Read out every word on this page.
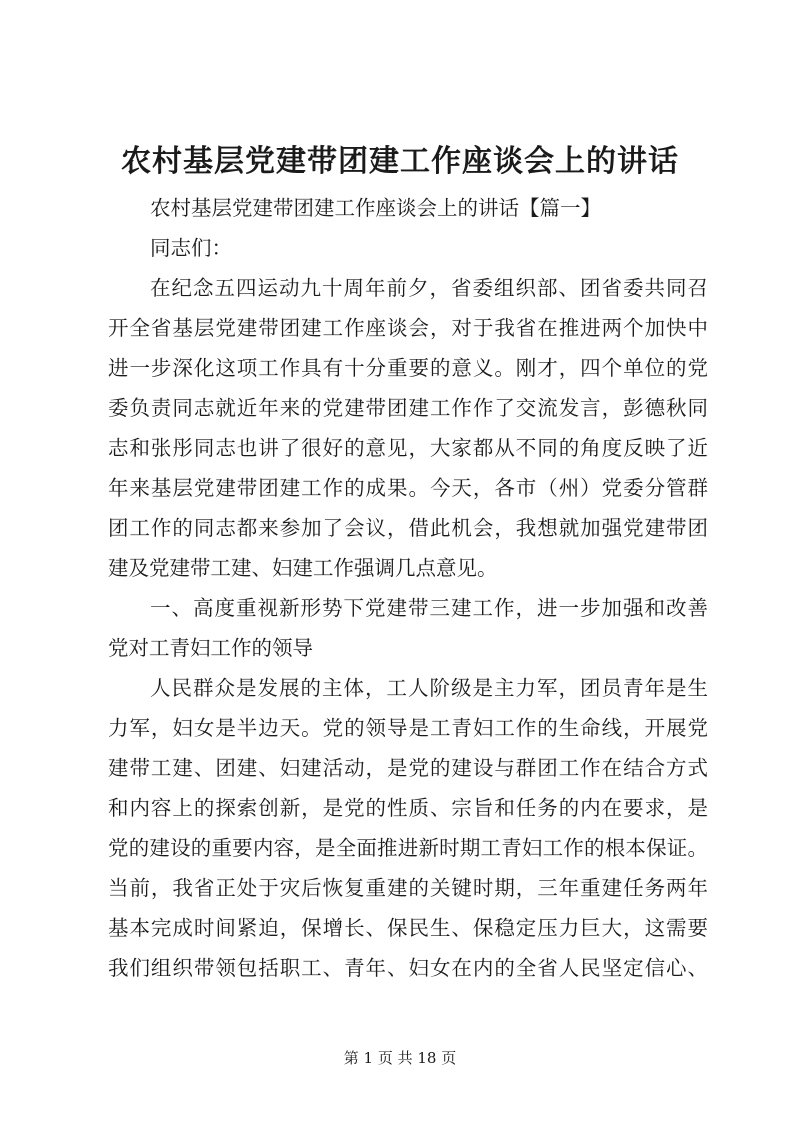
农村基层党建带团建工作座谈会上的讲话
农村基层党建带团建工作座谈会上的讲话【篇一】
同志们：
在纪念五四运动九十周年前夕，省委组织部、团省委共同召
开全省基层党建带团建工作座谈会，对于我省在推进两个加快中
进一步深化这项工作具有十分重要的意义。刚才，四个单位的党
委负责同志就近年来的党建带团建工作作了交流发言，彭德秋同
志和张彤同志也讲了很好的意见，大家都从不同的角度反映了近
年来基层党建带团建工作的成果。今天，各市（州）党委分管群
团工作的同志都来参加了会议，借此机会，我想就加强党建带团
建及党建带工建、妇建工作强调几点意见。
一、高度重视新形势下党建带三建工作，进一步加强和改善
党对工青妇工作的领导
人民群众是发展的主体，工人阶级是主力军，团员青年是生
力军，妇女是半边天。党的领导是工青妇工作的生命线，开展党
建带工建、团建、妇建活动，是党的建设与群团工作在结合方式
和内容上的探索创新，是党的性质、宗旨和任务的内在要求，是
党的建设的重要内容，是全面推进新时期工青妇工作的根本保证。
当前，我省正处于灾后恢复重建的关键时期，三年重建任务两年
基本完成时间紧迫，保增长、保民生、保稳定压力巨大，这需要
我们组织带领包括职工、青年、妇女在内的全省人民坚定信心、
第 1 页 共 18 页
